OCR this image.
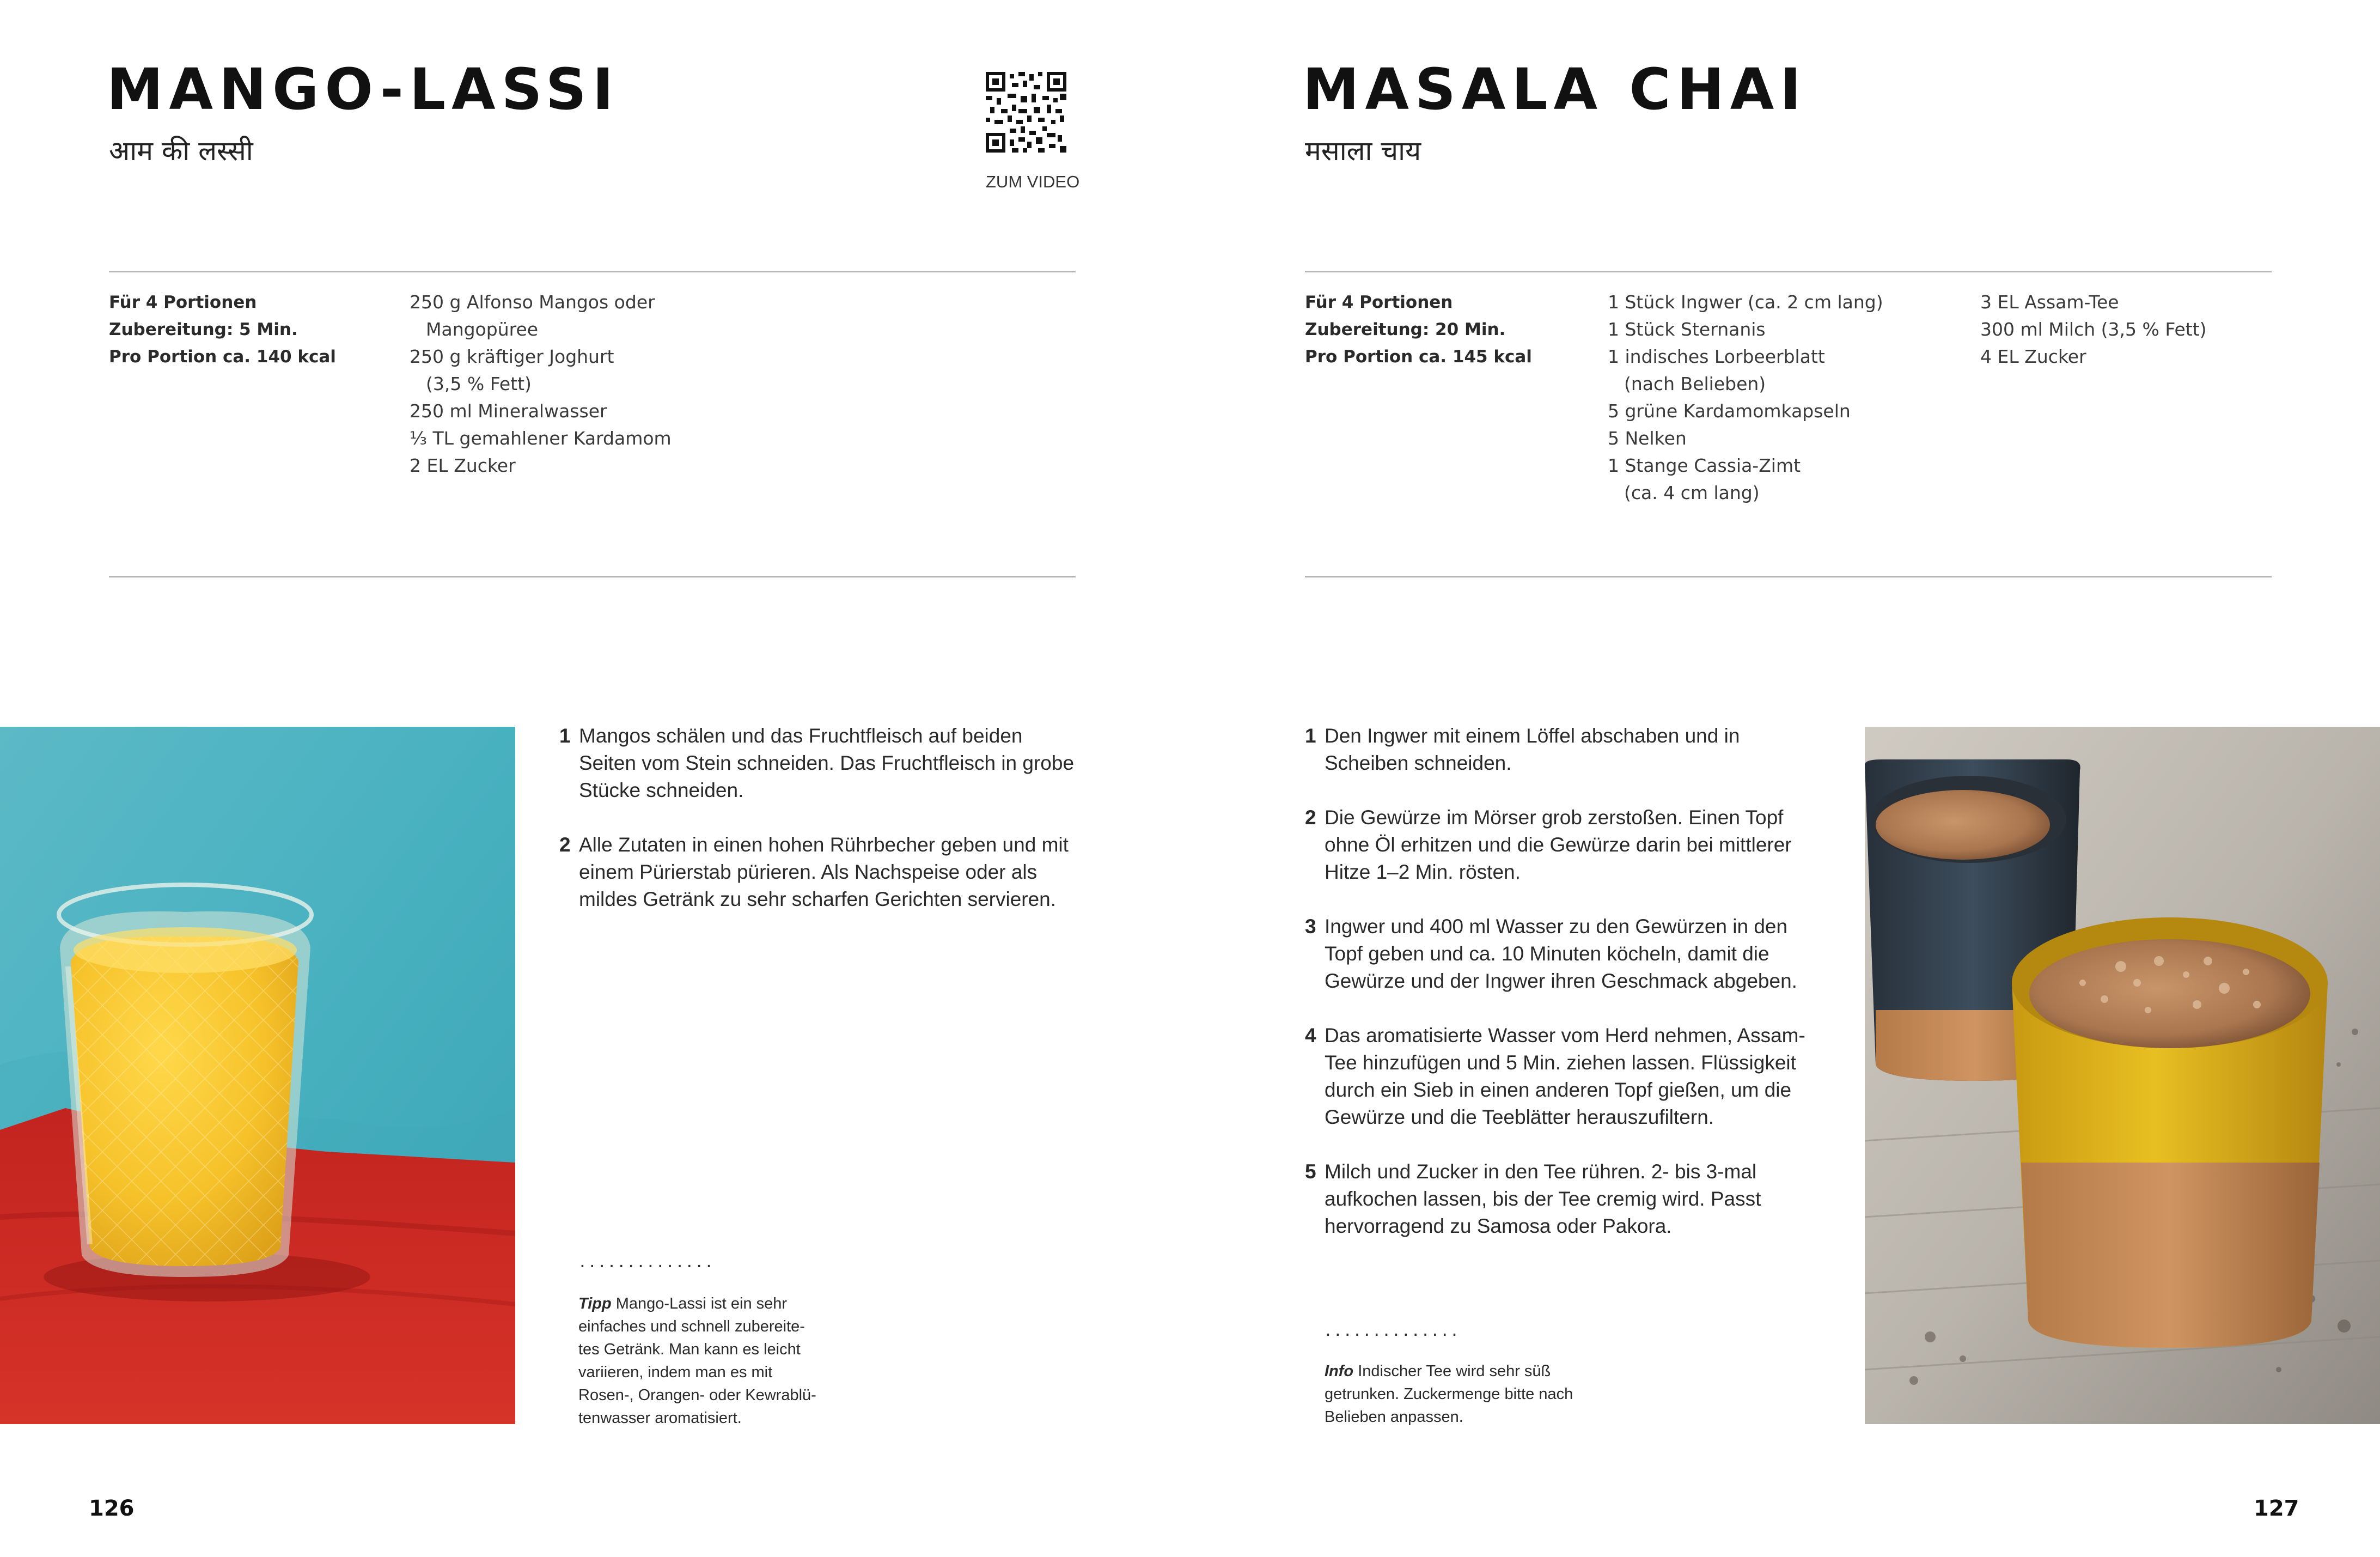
MANGO-LASSI
आम की लस्सी
ZUM VIDEO
Für 4 Portionen
Zubereitung: 5 Min.
Pro Portion ca. 140 kcal
250 g Alfonso Mangos oder
Mangopüree
250 g kräftiger Joghurt
(3,5 % Fett)
250 ml Mineralwasser
⅓ TL gemahlener Kardamom
2 EL Zucker
1 Mangos schälen und das Fruchtfleisch auf beiden Seiten vom Stein schneiden. Das Fruchtfleisch in grobe Stücke schneiden.
2 Alle Zutaten in einen hohen Rührbecher geben und mit einem Pürierstab pürieren. Als Nachspeise oder als mildes Getränk zu sehr scharfen Gerichten servieren.
..............
Tipp Mango-Lassi ist ein sehr
einfaches und schnell zubereite-
tes Getränk. Man kann es leicht
variieren, indem man es mit
Rosen-, Orangen- oder Kewrablü-
tenwasser aromatisiert.
126
MASALA CHAI
मसाला चाय
Für 4 Portionen
Zubereitung: 20 Min.
Pro Portion ca. 145 kcal
1 Stück Ingwer (ca. 2 cm lang)
1 Stück Sternanis
1 indisches Lorbeerblatt
(nach Belieben)
5 grüne Kardamomkapseln
5 Nelken
1 Stange Cassia-Zimt
(ca. 4 cm lang)
3 EL Assam-Tee
300 ml Milch (3,5 % Fett)
4 EL Zucker
1 Den Ingwer mit einem Löffel abschaben und in Scheiben schneiden.
2 Die Gewürze im Mörser grob zerstoßen. Einen Topf ohne Öl erhitzen und die Gewürze darin bei mittlerer Hitze 1–2 Min. rösten.
3 Ingwer und 400 ml Wasser zu den Gewürzen in den Topf geben und ca. 10 Minuten köcheln, damit die Gewürze und der Ingwer ihren Geschmack abgeben.
4 Das aromatisierte Wasser vom Herd nehmen, Assam-Tee hinzufügen und 5 Min. ziehen lassen. Flüssigkeit durch ein Sieb in einen anderen Topf gießen, um die Gewürze und die Teeblätter herauszufiltern.
5 Milch und Zucker in den Tee rühren. 2- bis 3-mal aufkochen lassen, bis der Tee cremig wird. Passt hervorragend zu Samosa oder Pakora.
..............
Info Indischer Tee wird sehr süß
getrunken. Zuckermenge bitte nach
Belieben anpassen.
127
